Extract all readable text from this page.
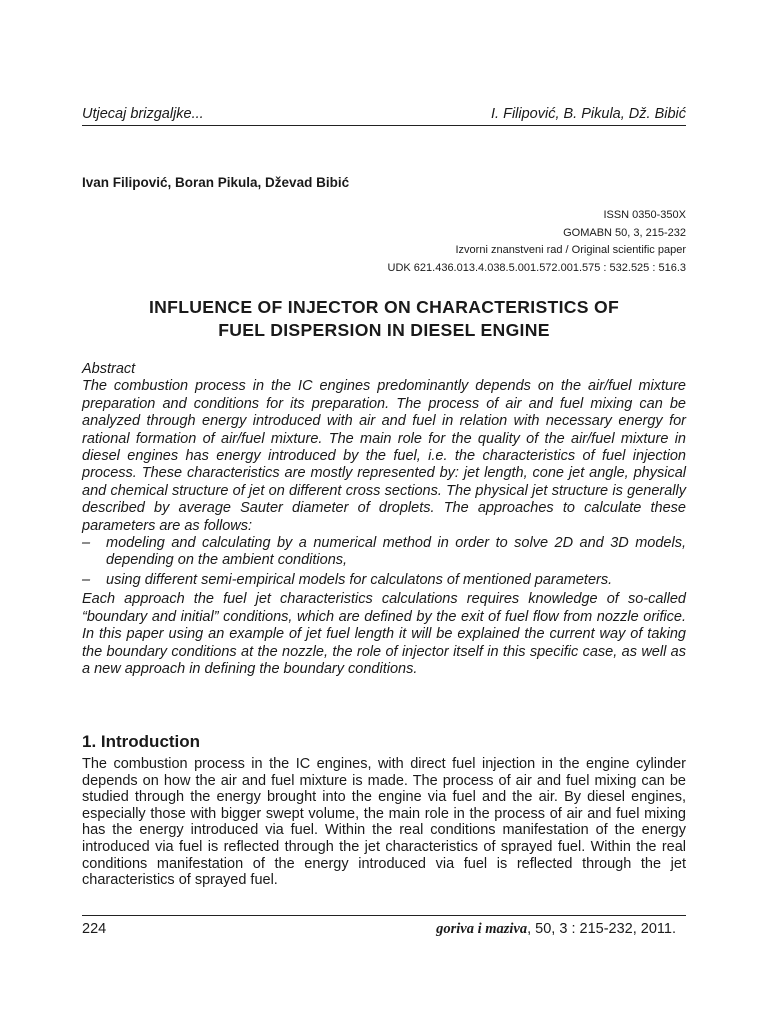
Utjecaj brizgaljke...	I. Filipović, B. Pikula, Dž. Bibić
Ivan Filipović, Boran Pikula, Dževad Bibić
ISSN 0350-350X
GOMABN 50, 3, 215-232
Izvorni znanstveni rad / Original scientific paper
UDK 621.436.013.4.038.5.001.572.001.575 : 532.525 : 516.3
INFLUENCE OF INJECTOR ON CHARACTERISTICS OF
FUEL DISPERSION IN DIESEL ENGINE

Abstract

The combustion process in the IC engines predominantly depends on the air/fuel mixture preparation and conditions for its preparation. The process of air and fuel mixing can be analyzed through energy introduced with air and fuel in relation with necessary energy for rational formation of air/fuel mixture. The main role for the quality of the air/fuel mixture in diesel engines has energy introduced by the fuel, i.e. the characteristics of fuel injection process. These characteristics are mostly represented by: jet length, cone jet angle, physical and chemical structure of jet on different cross sections. The physical jet structure is generally described by average Sauter diameter of droplets. The approaches to calculate these parameters are as follows:

– modeling and calculating by a numerical method in order to solve 2D and 3D models, depending on the ambient conditions,
– using different semi-empirical models for calculatons of mentioned parameters.

Each approach the fuel jet characteristics calculations requires knowledge of so-called “boundary and initial” conditions, which are defined by the exit of fuel flow from nozzle orifice. In this paper using an example of jet fuel length it will be explained the current way of taking the boundary conditions at the nozzle, the role of injector itself in this specific case, as well as a new approach in defining the boundary conditions.

1. Introduction

The combustion process in the IC engines, with direct fuel injection in the engine cylinder depends on how the air and fuel mixture is made. The process of air and fuel mixing can be studied through the energy brought into the engine via fuel and the air. By diesel engines, especially those with bigger swept volume, the main role in the process of air and fuel mixing has the energy introduced via fuel. Within the real conditions manifestation of the energy introduced via fuel is reflected through the jet characteristics of sprayed fuel. Within the real conditions manifestation of the energy introduced via fuel is reflected through the jet characteristics of sprayed fuel.

224	goriva i maziva, 50, 3 : 215-232, 2011.
